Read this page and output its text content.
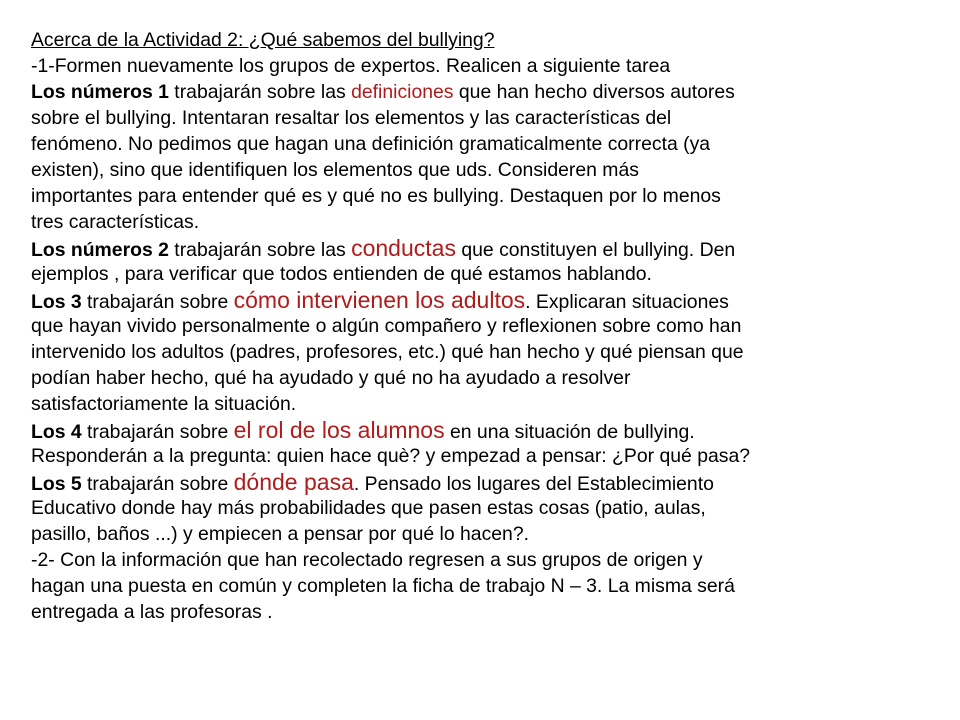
Acerca de la Actividad 2: ¿Qué sabemos del bullying?
-1-Formen nuevamente los grupos de expertos. Realicen a siguiente tarea
Los números 1 trabajarán sobre las definiciones que han hecho diversos autores
sobre el bullying. Intentaran resaltar los elementos y las características del
fenómeno. No pedimos que hagan una definición gramaticalmente correcta (ya
existen), sino que identifiquen los elementos que uds. Consideren más
importantes para entender qué es y qué no es bullying. Destaquen por lo menos
tres características.
Los números 2 trabajarán sobre las conductas que constituyen el bullying. Den
ejemplos , para verificar que todos entienden de qué estamos hablando.
Los 3 trabajarán sobre cómo intervienen los adultos. Explicaran situaciones
que hayan vivido personalmente o algún compañero y reflexionen sobre como han
intervenido los adultos (padres, profesores, etc.) qué han hecho y qué piensan que
podían haber hecho, qué ha ayudado y qué no ha ayudado a resolver
satisfactoriamente la situación.
Los 4 trabajarán sobre el rol de los alumnos en una situación de bullying.
Responderán a la pregunta: quien hace què? y empezad a pensar: ¿Por qué pasa?
Los 5 trabajarán sobre dónde pasa. Pensado los lugares del Establecimiento
Educativo donde hay más probabilidades que pasen estas cosas (patio, aulas,
pasillo, baños ...) y empiecen a pensar por qué lo hacen?.
-2- Con la información que han recolectado regresen a sus grupos de origen y
hagan una puesta en común y completen la ficha de trabajo N – 3. La misma será
entregada a las profesoras .
